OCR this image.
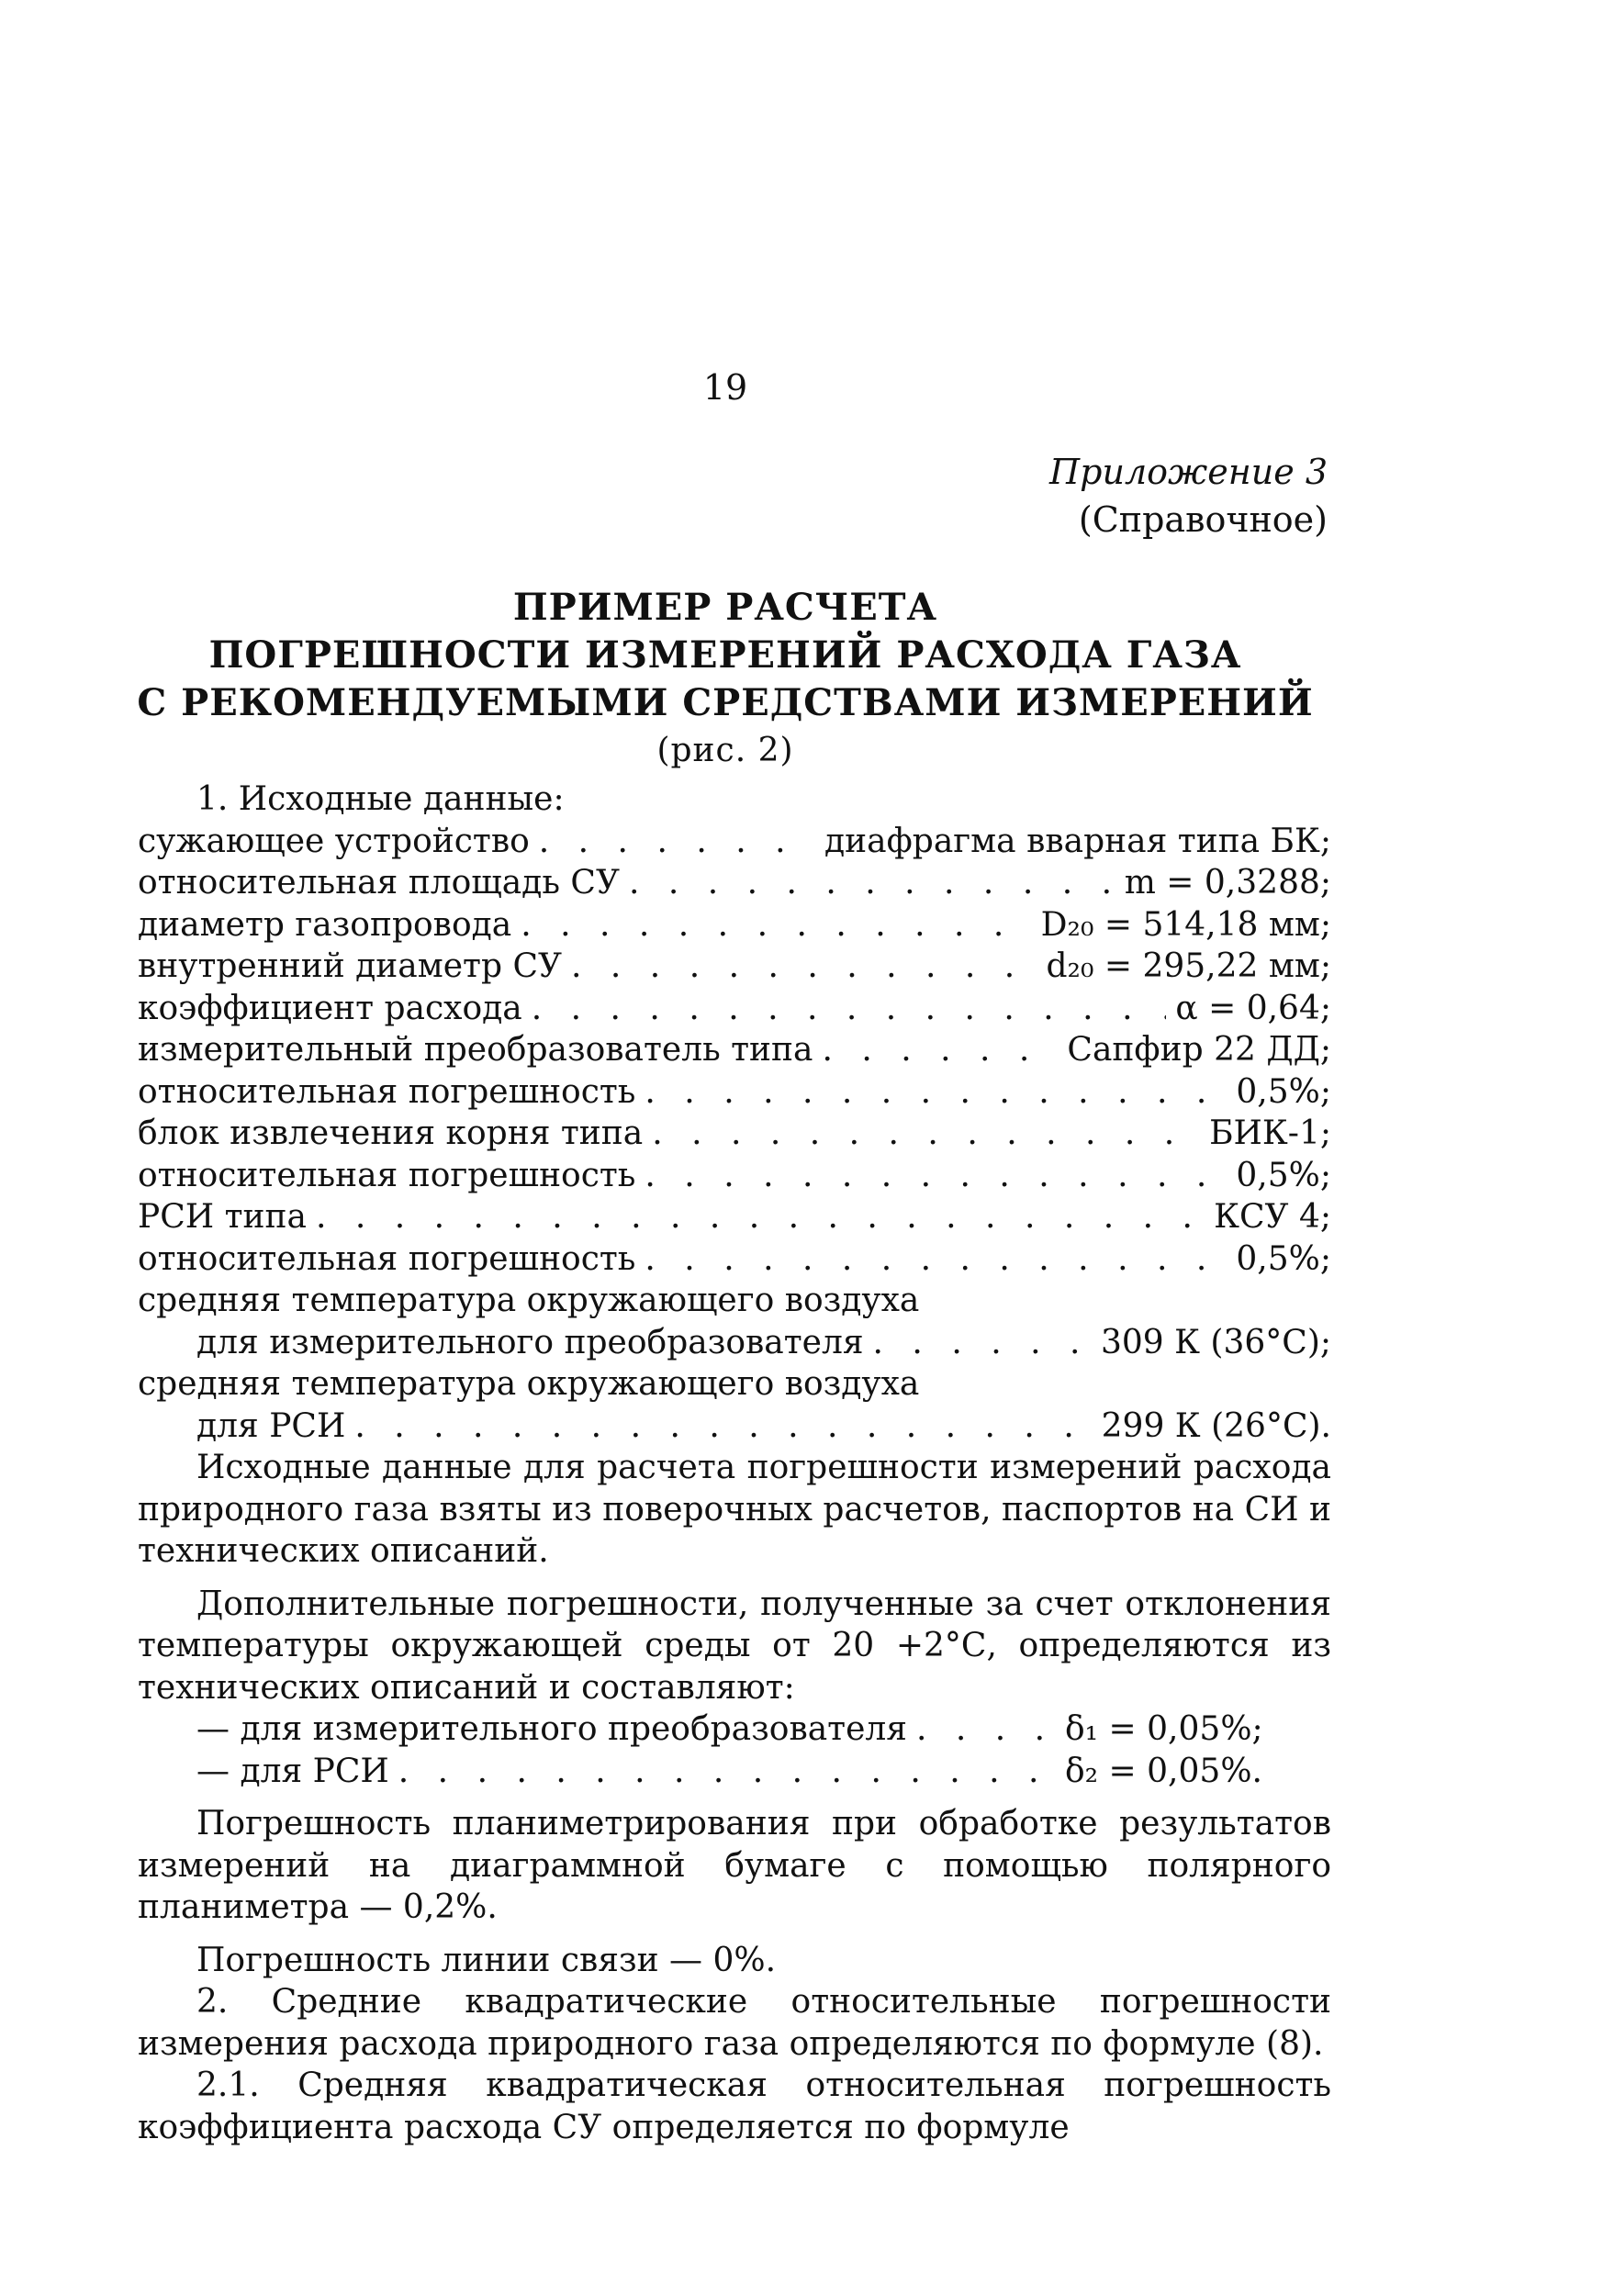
19
Приложение 3
(Справочное)
ПРИМЕР РАСЧЕТА
ПОГРЕШНОСТИ ИЗМЕРЕНИЙ РАСХОДА ГАЗА
С РЕКОМЕНДУЕМЫМИ СРЕДСТВАМИ ИЗМЕРЕНИЙ
(рис. 2)
1. Исходные данные:
сужающее устройство . . .	диафрагма вварная типа БК;
относительная площадь СУ . . .	m = 0,3288;
диаметр газопровода . . .	D₂₀ = 514,18 мм;
внутренний диаметр СУ . . .	d₂₀ = 295,22 мм;
коэффициент расхода . . .	α = 0,64;
измерительный преобразователь типа . . .	Сапфир 22 ДД;
относительная погрешность . . .	0,5%;
блок извлечения корня типа . . .	БИК-1;
относительная погрешность . . .	0,5%;
РСИ типа . . .	КСУ 4;
относительная погрешность . . .	0,5%;
средняя температура окружающего воздуха
для измерительного преобразователя . . .	309 К (36°С);
средняя температура окружающего воздуха
для РСИ . . .	299 К (26°С).

Исходные данные для расчета погрешности измерений расхода природного газа взяты из поверочных расчетов, паспортов на СИ и технических описаний.

Дополнительные погрешности, полученные за счет отклонения температуры окружающей среды от 20 +2°С, определяются из технических описаний и составляют:

— для измерительного преобразователя . . .	δ₁ = 0,05%;
— для РСИ . . .	δ₂ = 0,05%.

Погрешность планиметрирования при обработке результатов измерений на диаграммной бумаге с помощью полярного планиметра — 0,2%.

Погрешность линии связи — 0%.

2. Средние квадратические относительные погрешности измерения расхода природного газа определяются по формуле (8).

2.1. Средняя квадратическая относительная погрешность коэффициента расхода СУ определяется по формуле
